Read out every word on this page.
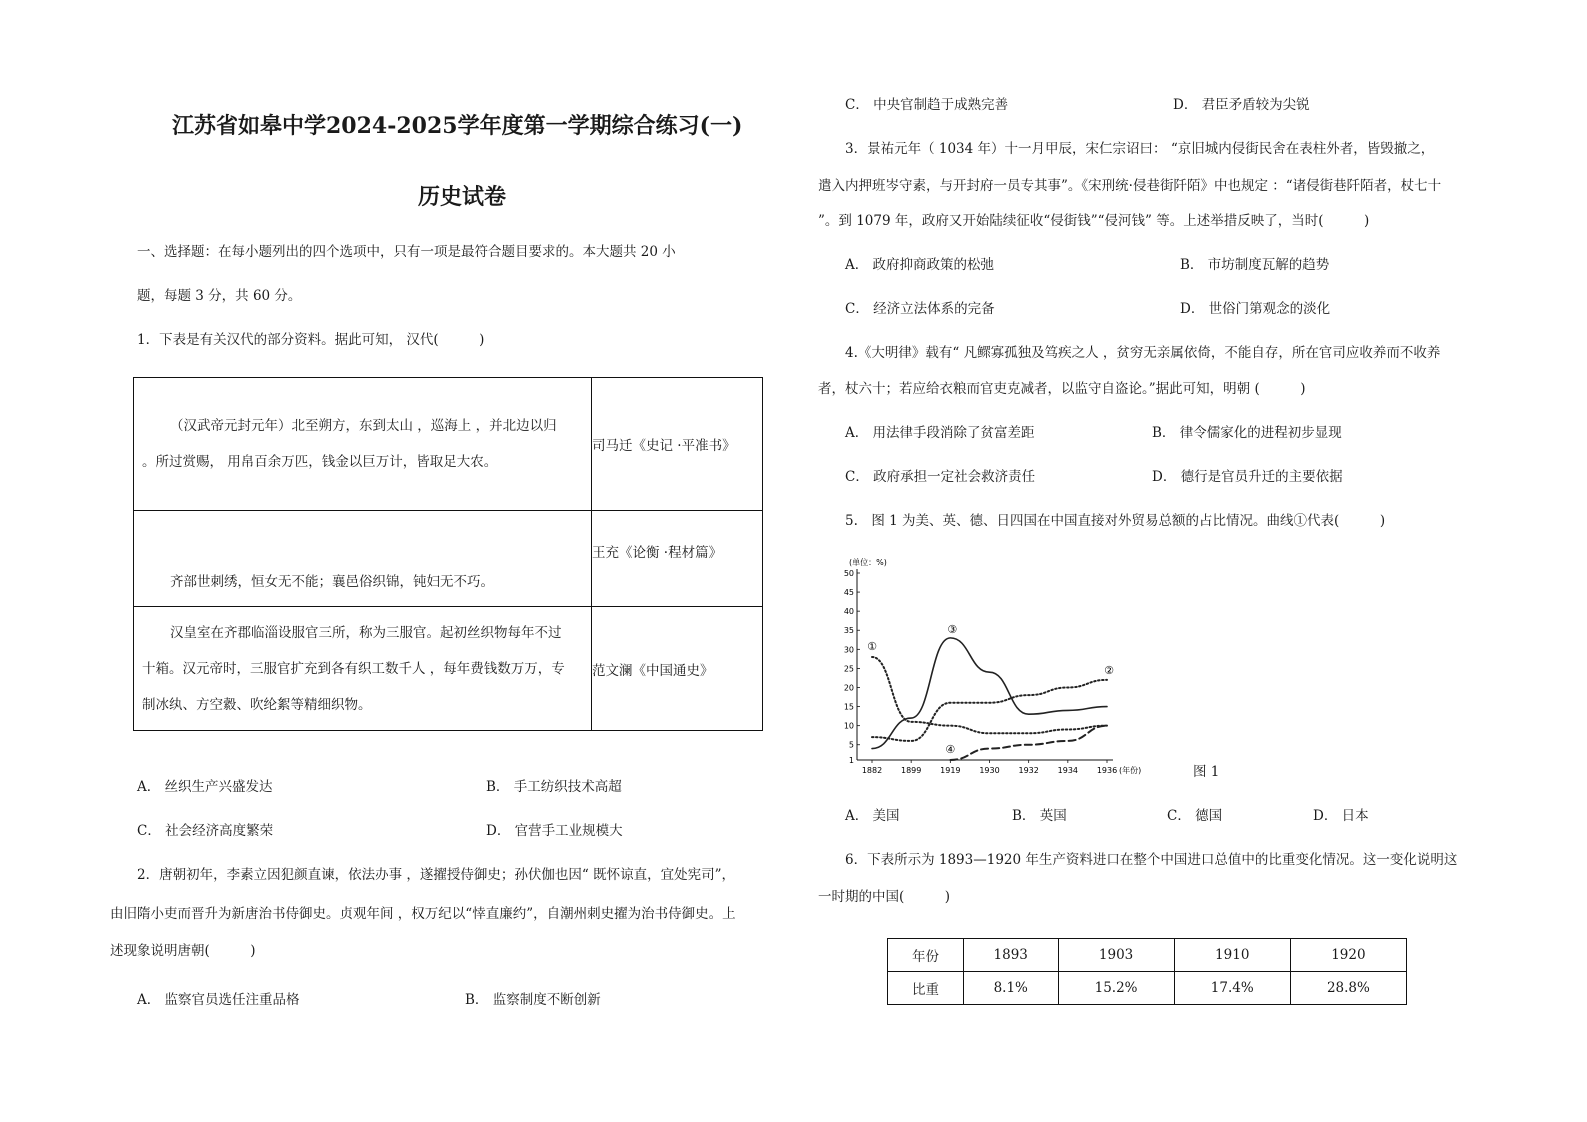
江苏省如皋中学2024-2025学年度第一学期综合练习(一)
历史试卷
一、选择题：在每小题列出的四个选项中，只有一项是最符合题目要求的。本大题共 20 小
题，每题 3 分，共 60 分。
1．下表是有关汉代的部分资料。据此可知， 汉代(　　　)
（汉武帝元封元年）北至朔方，东到太山 ，巡海上 ，并北边以归
。所过赏赐， 用帛百余万匹，钱金以巨万计，皆取足大农。	司马迁《史记 ·平准书》

齐部世刺绣，恒女无不能；襄邑俗织锦，钝妇无不巧。	王充《论衡 ·程材篇》

汉皇室在齐郡临淄设服官三所，称为三服官。起初丝织物每年不过
十箱。汉元帝时，三服官扩充到各有织工数千人 ，每年费钱数万万，专
制冰纨、方空縠、吹纶絮等精细织物。	范文澜《中国通史》
A． 丝织生产兴盛发达	B． 手工纺织技术高超
C． 社会经济高度繁荣	D． 官营手工业规模大
2．唐朝初年，李素立因犯颜直谏，依法办事 ，遂擢授侍御史；孙伏伽也因“ 既怀谅直，宜处宪司”，
由旧隋小吏而晋升为新唐治书侍御史。贞观年间 ，权万纪以“悻直廉约”，自潮州刺史擢为治书侍御史。上
述现象说明唐朝(　　　)
A． 监察官员选任注重品格	B． 监察制度不断创新
C． 中央官制趋于成熟完善	D． 君臣矛盾较为尖锐
3．景祐元年（ 1034 年）十一月甲辰，宋仁宗诏曰： “京旧城内侵街民舍在表柱外者，皆毁撤之，
遣入内押班岑守素，与开封府一员专其事”。《宋刑统·侵巷街阡陌》中也规定 ：“诸侵街巷阡陌者，杖七十
”。到 1079 年，政府又开始陆续征收“侵街钱”“侵河钱” 等。上述举措反映了，当时(　　　)
A． 政府抑商政策的松弛	B． 市坊制度瓦解的趋势
C． 经济立法体系的完备	D． 世俗门第观念的淡化
4.《大明律》载有“ 凡鳏寡孤独及笃疾之人 ，贫穷无亲属依倚，不能自存，所在官司应收养而不收养
者，杖六十；若应给衣粮而官吏克减者，以监守自盗论。”据此可知，明朝 (　　　)
A． 用法律手段消除了贫富差距	B． 律令儒家化的进程初步显现
C． 政府承担一定社会救济责任	D． 德行是官员升迁的主要依据
5.　图 1 为美、英、德、日四国在中国直接对外贸易总额的占比情况。曲线①代表(　　　)
(单位：%)
1
5
10
15
20
25
30
35
40
45
50
1882 1899 1919 1930 1932 1934 1936 (年份)
①
②
③
④
图 1
A． 美国	B． 英国	C． 德国	D． 日本
6．下表所示为 1893—1920 年生产资料进口在整个中国进口总值中的比重变化情况。这一变化说明这
一时期的中国(　　　)
年份	1893	1903	1910	1920
比重	8.1%	15.2%	17.4%	28.8%
